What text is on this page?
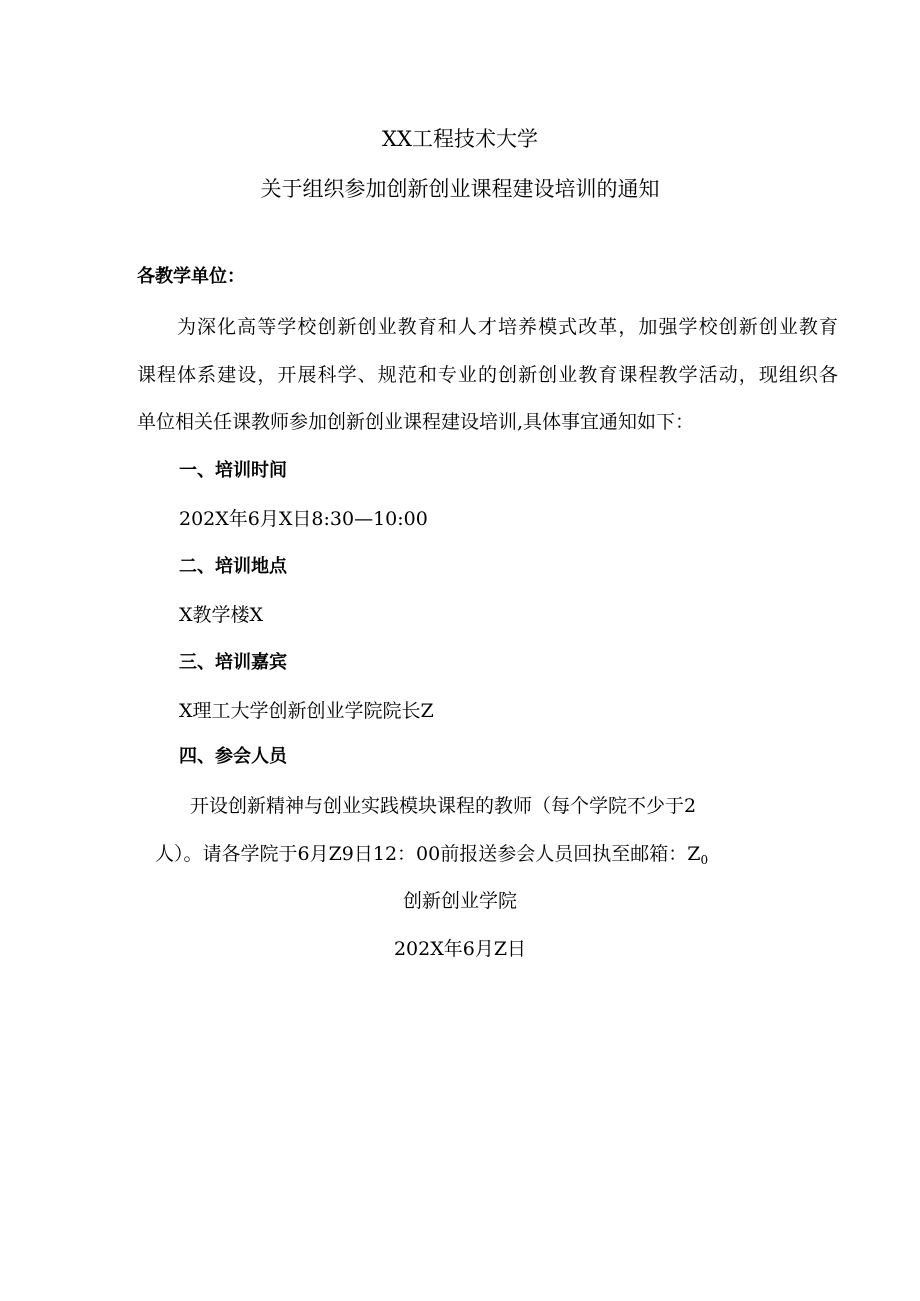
XX工程技术大学
关于组织参加创新创业课程建设培训的通知
各教学单位：
为深化高等学校创新创业教育和人才培养模式改革，加强学校创新创业教育
课程体系建设，开展科学、规范和专业的创新创业教育课程教学活动，现组织各
单位相关任课教师参加创新创业课程建设培训,具体事宜通知如下：
一、培训时间
202X年6月X日8:30—10:00
二、培训地点
X教学楼X
三、培训嘉宾
X理工大学创新创业学院院长Z
四、参会人员
开设创新精神与创业实践模块课程的教师（每个学院不少于2
人）。请各学院于6月Z9日12：00前报送参会人员回执至邮箱：$Z_0$
创新创业学院
202X年6月Z日
